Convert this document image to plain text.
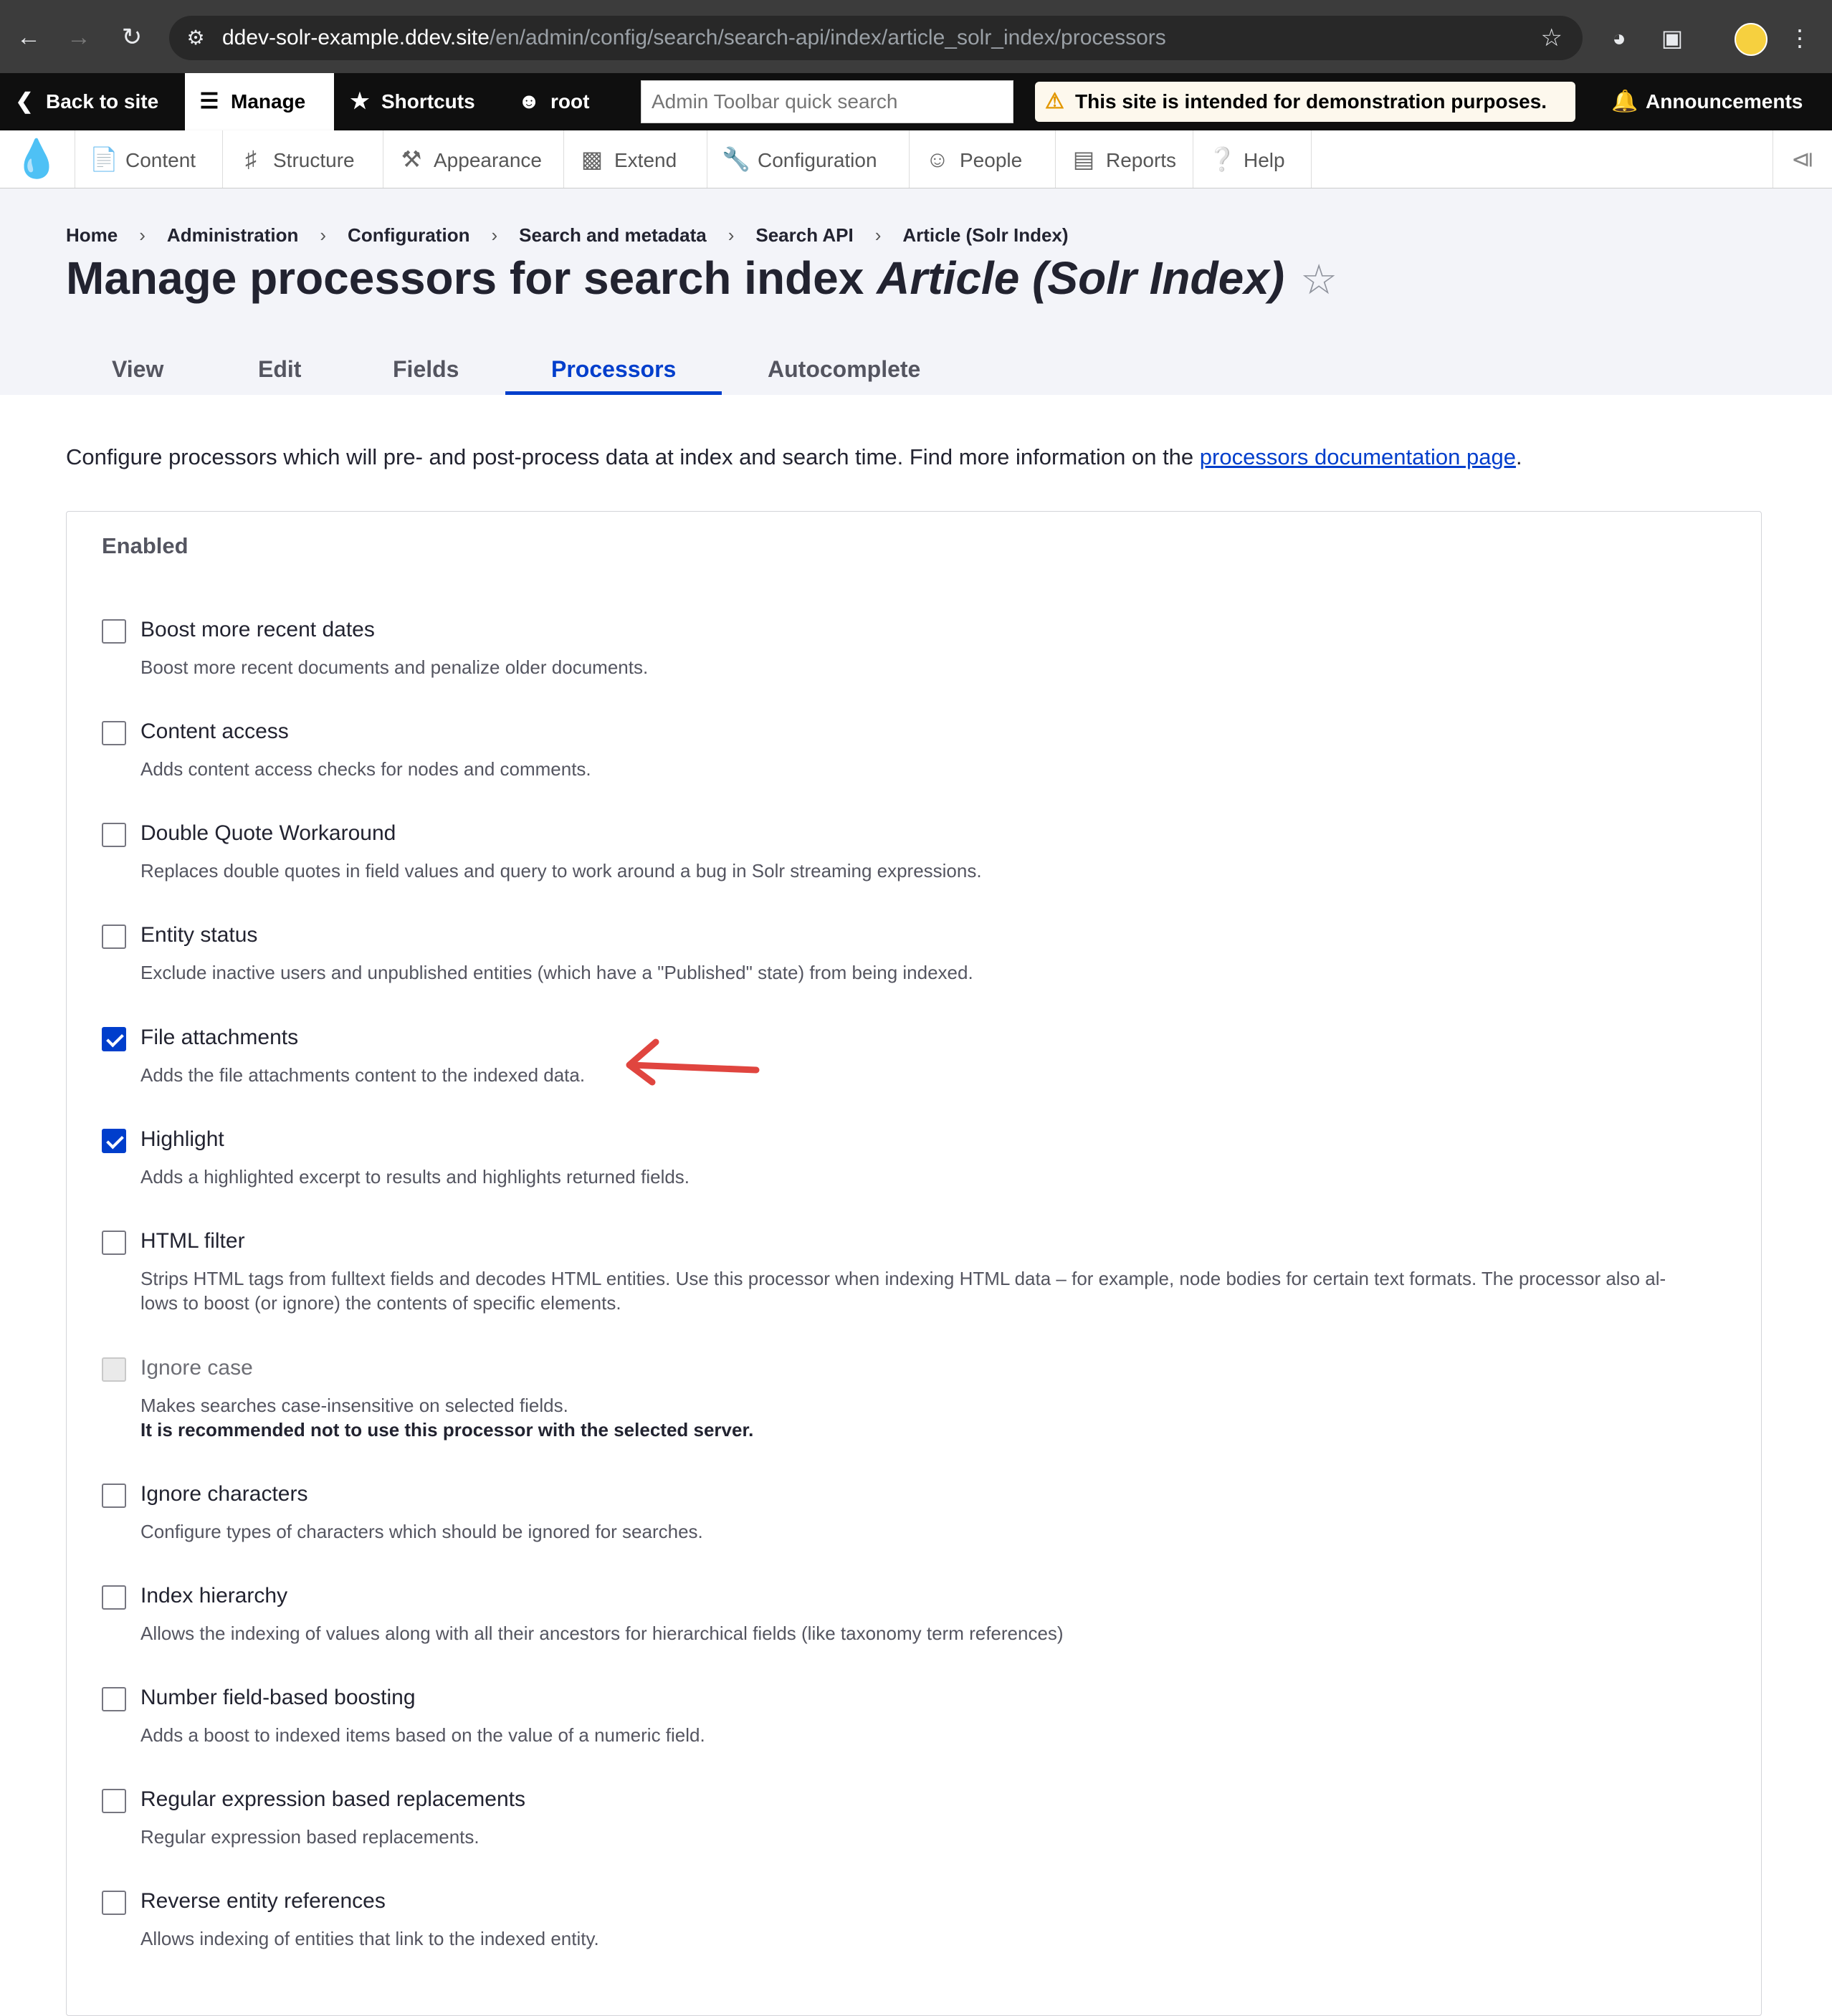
← →	↻	⚙ ddev-solr-example.ddev.site/en/admin/config/search/search-api/index/article_solr_index/processors	☆	◕	▣	⋮
❮ Back to site	☰ Manage	★ Shortcuts ☻ root
Admin Toolbar quick search	⚠ This site is intended for demonstration purposes.	🔔 Announcements
💧	📄 Content	♯ Structure	⚒ Appearance	▩ Extend	🔧 Configuration	☺ People	▤ Reports	❔ Help	⧏
Home › Administration › Configuration › Search and metadata › Search API › Article (Solr Index)
Manage processors for search index Article (Solr Index) ☆
View	Edit	Fields	Processors	Autocomplete
Configure processors which will pre- and post-process data at index and search time. Find more information on the processors documentation page.
Enabled
Boost more recent dates
Boost more recent documents and penalize older documents.
Content access
Adds content access checks for nodes and comments.
Double Quote Workaround
Replaces double quotes in field values and query to work around a bug in Solr streaming expressions.
Entity status
Exclude inactive users and unpublished entities (which have a "Published" state) from being indexed.
File attachments
Adds the file attachments content to the indexed data.
Highlight
Adds a highlighted excerpt to results and highlights returned fields.
HTML filter
Strips HTML tags from fulltext fields and decodes HTML entities. Use this processor when indexing HTML data – for example, node bodies for certain text formats. The processor also al-lows to boost (or ignore) the contents of specific elements.
Ignore case
Makes searches case-insensitive on selected fields.
It is recommended not to use this processor with the selected server.
Ignore characters
Configure types of characters which should be ignored for searches.
Index hierarchy
Allows the indexing of values along with all their ancestors for hierarchical fields (like taxonomy term references)
Number field-based boosting
Adds a boost to indexed items based on the value of a numeric field.
Regular expression based replacements
Regular expression based replacements.
Reverse entity references
Allows indexing of entities that link to the indexed entity.
